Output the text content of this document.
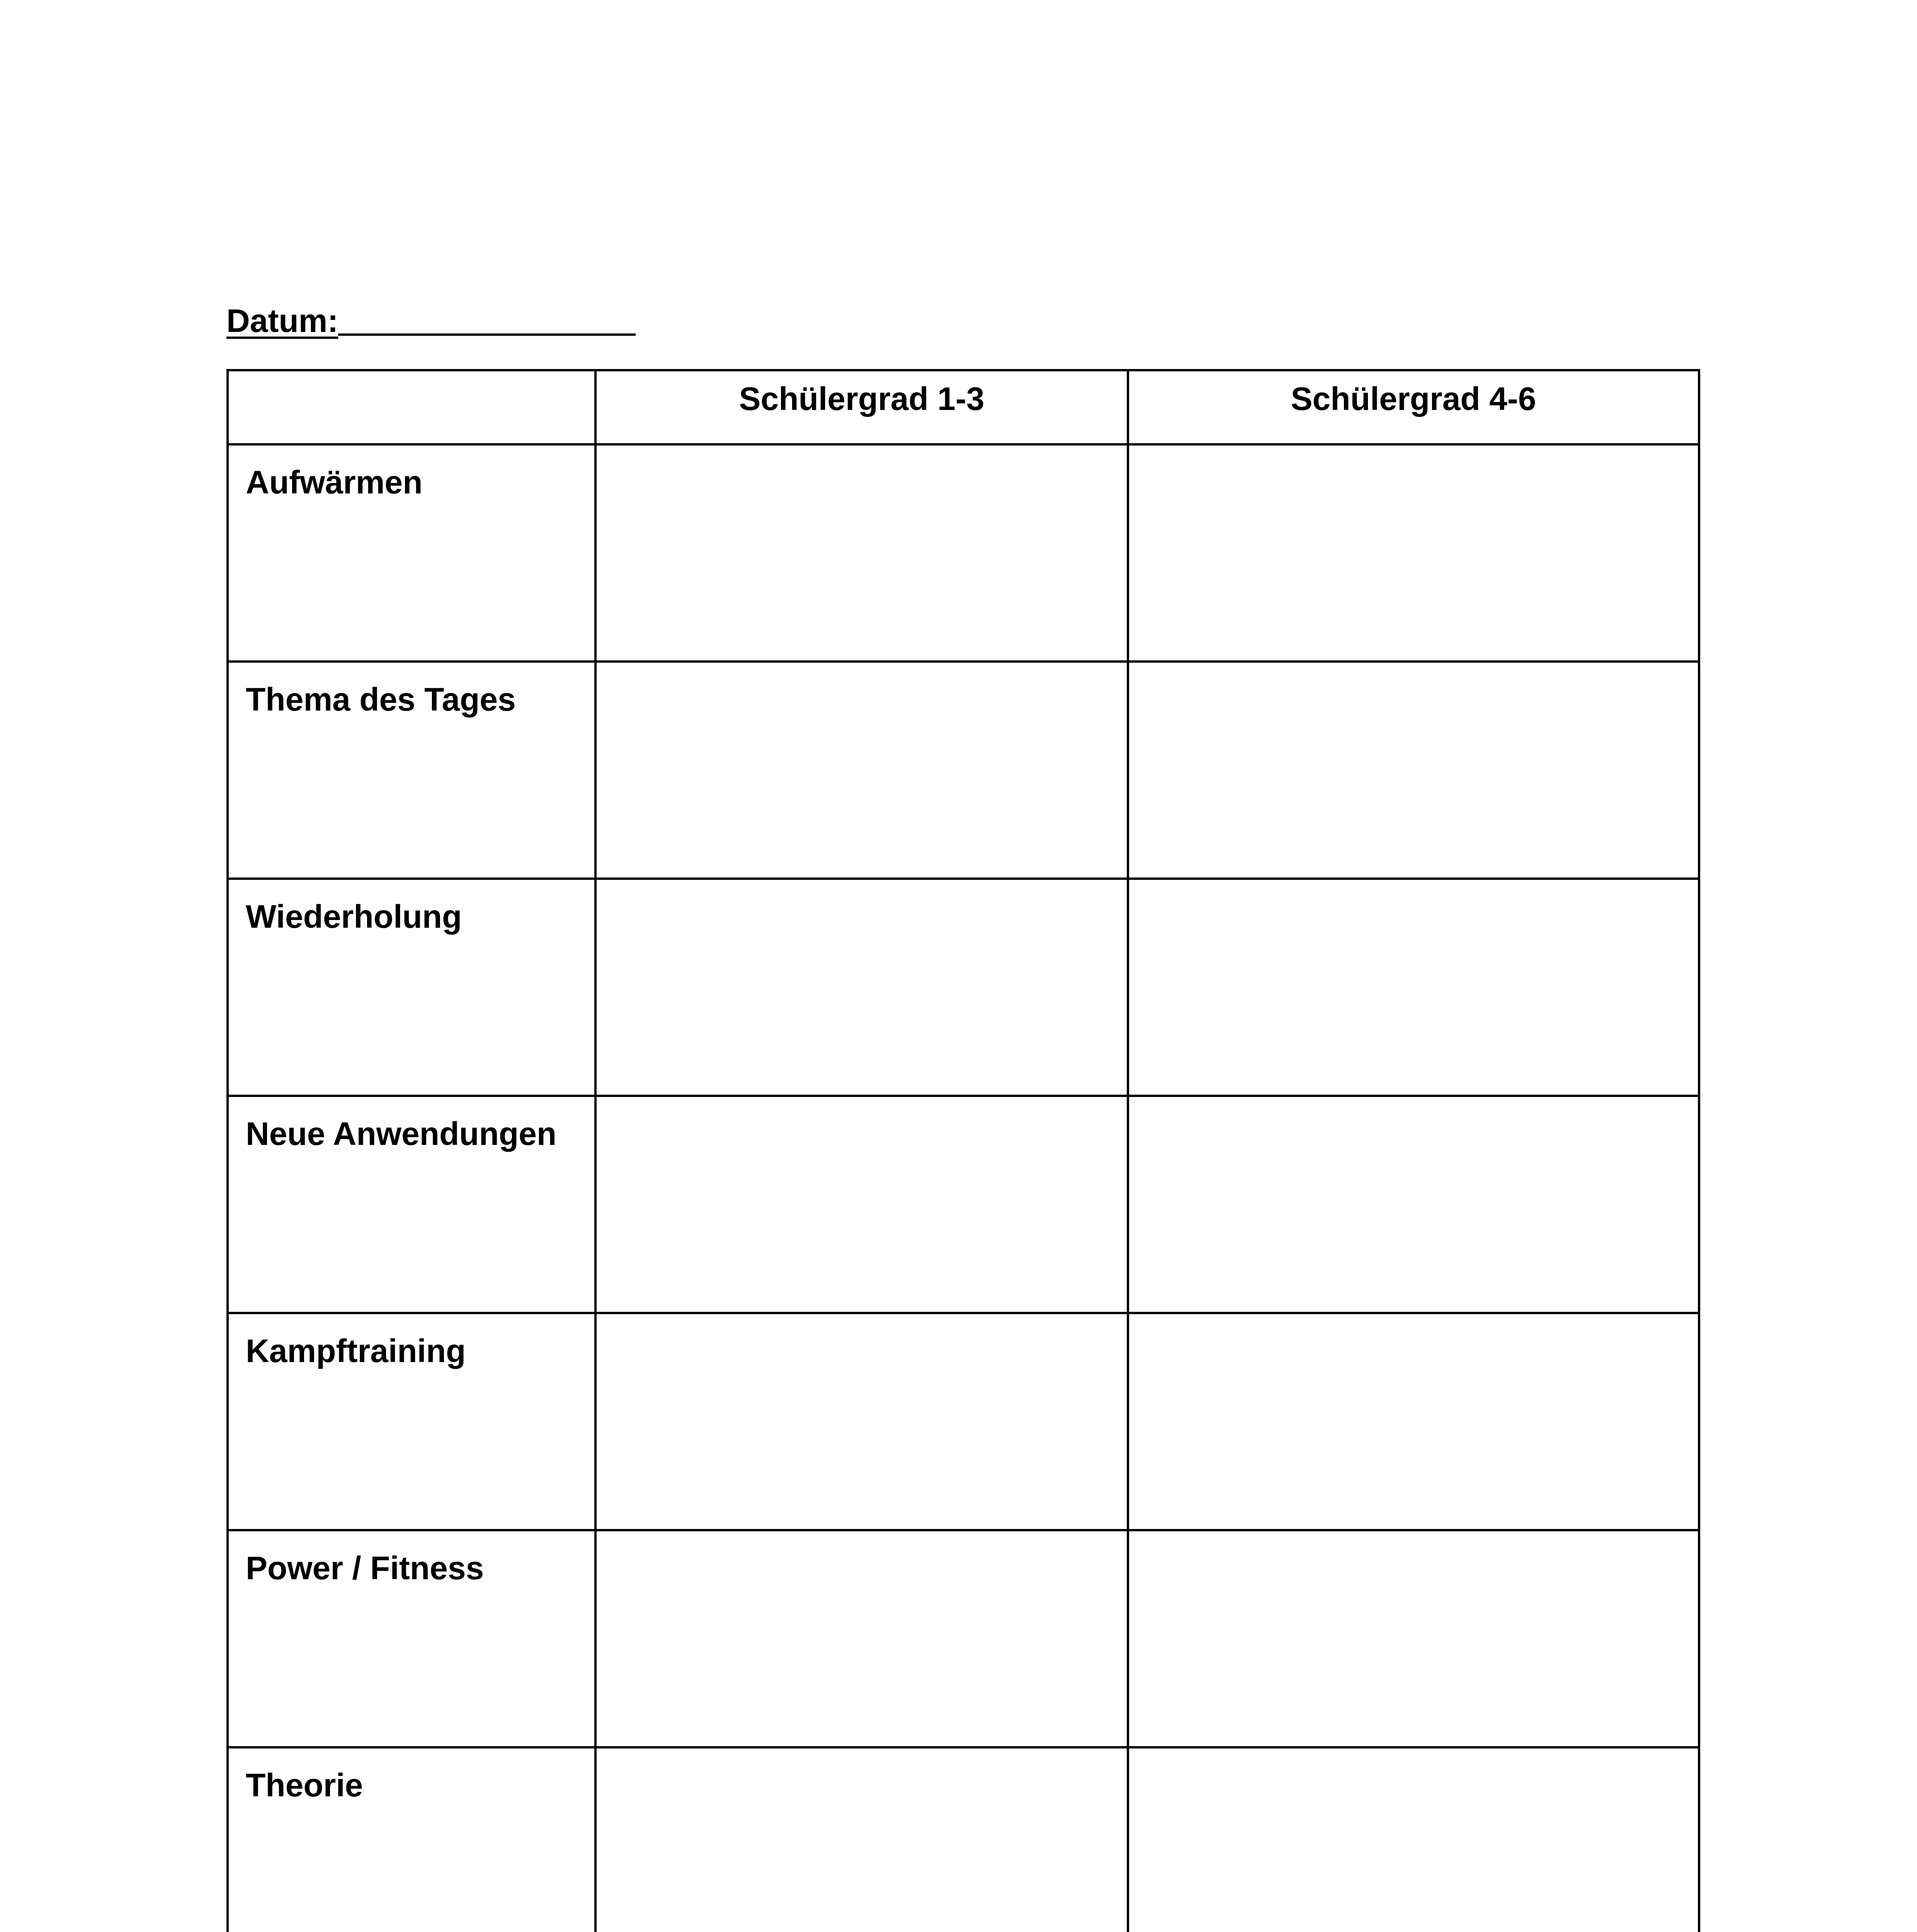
Datum:
	Schülergrad 1-3	Schülergrad 4-6
Aufwärmen		
Thema des Tages		
Wiederholung		
Neue Anwendungen		
Kampftraining		
Power / Fitness		
Theorie		
